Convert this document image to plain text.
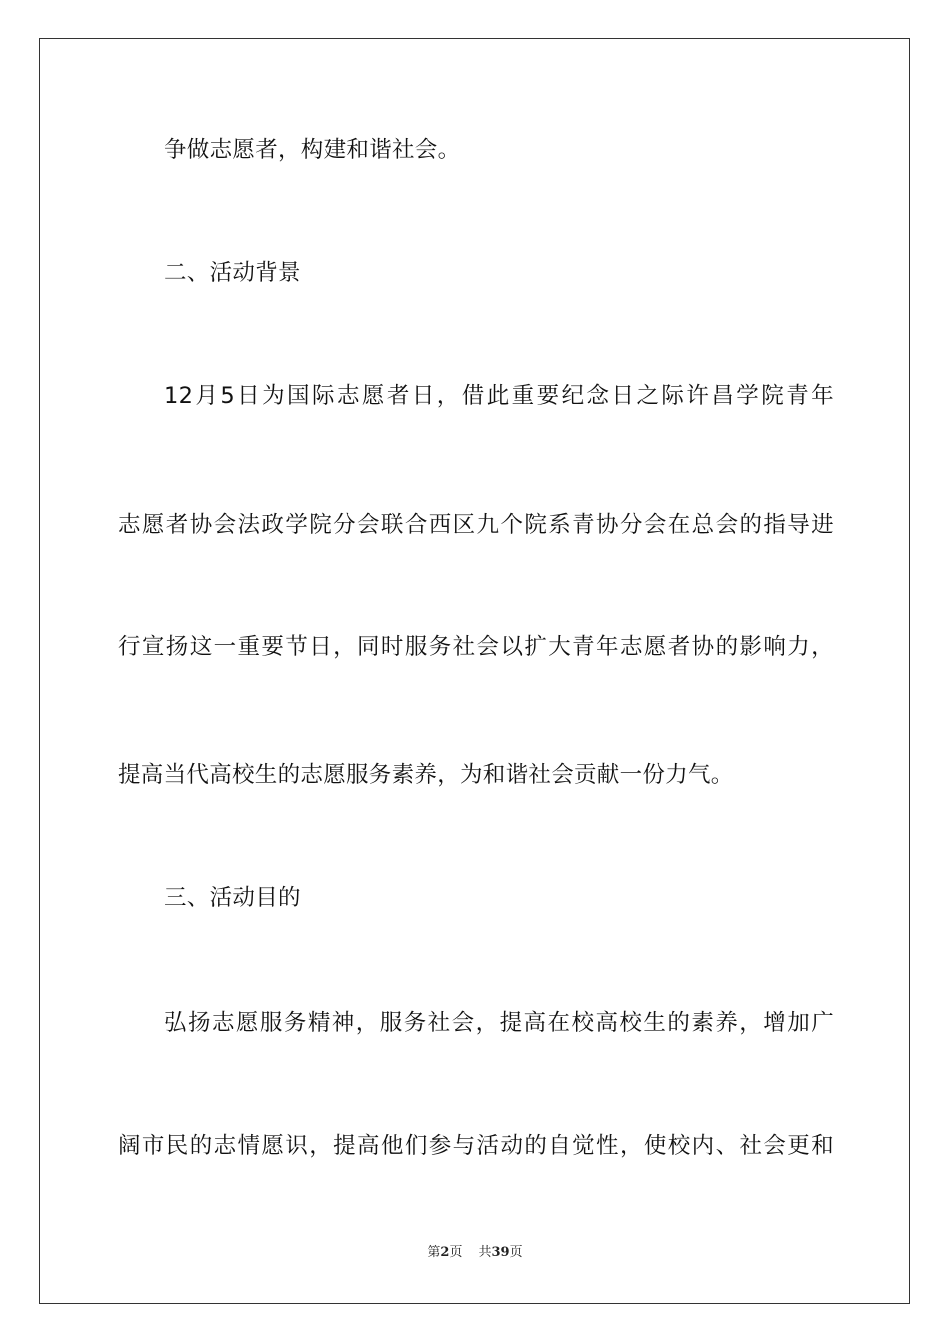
争做志愿者，构建和谐社会。
二、活动背景
12月5日为国际志愿者日，借此重要纪念日之际许昌学院青年
志愿者协会法政学院分会联合西区九个院系青协分会在总会的指导进
行宣扬这一重要节日，同时服务社会以扩大青年志愿者协的影响力，
提高当代高校生的志愿服务素养，为和谐社会贡献一份力气。
三、活动目的
弘扬志愿服务精神，服务社会，提高在校高校生的素养，增加广
阔市民的志情愿识，提高他们参与活动的自觉性，使校内、社会更和
第2页 共39页
